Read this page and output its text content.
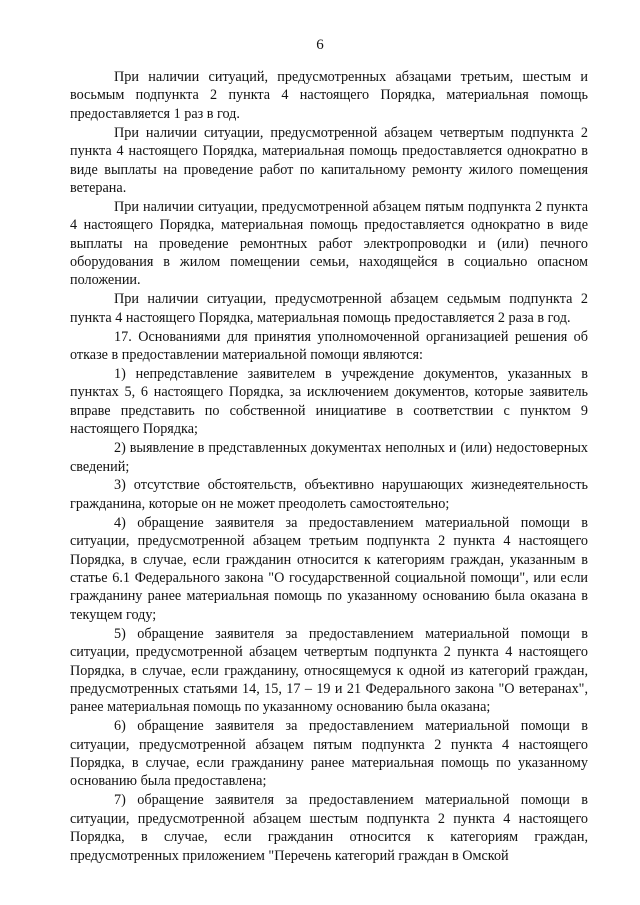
6

При наличии ситуаций, предусмотренных абзацами третьим, шестым и восьмым подпункта 2 пункта 4 настоящего Порядка, материальная помощь предоставляется 1 раз в год.

При наличии ситуации, предусмотренной абзацем четвертым подпункта 2 пункта 4 настоящего Порядка, материальная помощь предоставляется однократно в виде выплаты на проведение работ по капитальному ремонту жилого помещения ветерана.

При наличии ситуации, предусмотренной абзацем пятым подпункта 2 пункта 4 настоящего Порядка, материальная помощь предоставляется однократно в виде выплаты на проведение ремонтных работ электропроводки и (или) печного оборудования в жилом помещении семьи, находящейся в социально опасном положении.

При наличии ситуации, предусмотренной абзацем седьмым подпункта 2 пункта 4 настоящего Порядка, материальная помощь предоставляется 2 раза в год.

17. Основаниями для принятия уполномоченной организацией решения об отказе в предоставлении материальной помощи являются:

1) непредставление заявителем в учреждение документов, указанных в пунктах 5, 6 настоящего Порядка, за исключением документов, которые заявитель вправе представить по собственной инициативе в соответствии с пунктом 9 настоящего Порядка;

2) выявление в представленных документах неполных и (или) недостоверных сведений;

3) отсутствие обстоятельств, объективно нарушающих жизнедеятельность гражданина, которые он не может преодолеть самостоятельно;

4) обращение заявителя за предоставлением материальной помощи в ситуации, предусмотренной абзацем третьим подпункта 2 пункта 4 настоящего Порядка, в случае, если гражданин относится к категориям граждан, указанным в статье 6.1 Федерального закона "О государственной социальной помощи", или если гражданину ранее материальная помощь по указанному основанию была оказана в текущем году;

5) обращение заявителя за предоставлением материальной помощи в ситуации, предусмотренной абзацем четвертым подпункта 2 пункта 4 настоящего Порядка, в случае, если гражданину, относящемуся к одной из категорий граждан, предусмотренных статьями 14, 15, 17 – 19 и 21 Федерального закона "О ветеранах", ранее материальная помощь по указанному основанию была оказана;

6) обращение заявителя за предоставлением материальной помощи в ситуации, предусмотренной абзацем пятым подпункта 2 пункта 4 настоящего Порядка, в случае, если гражданину ранее материальная помощь по указанному основанию была предоставлена;

7) обращение заявителя за предоставлением материальной помощи в ситуации, предусмотренной абзацем шестым подпункта 2 пункта 4 настоящего Порядка, в случае, если гражданин относится к категориям граждан, предусмотренных приложением "Перечень категорий граждан в Омской
